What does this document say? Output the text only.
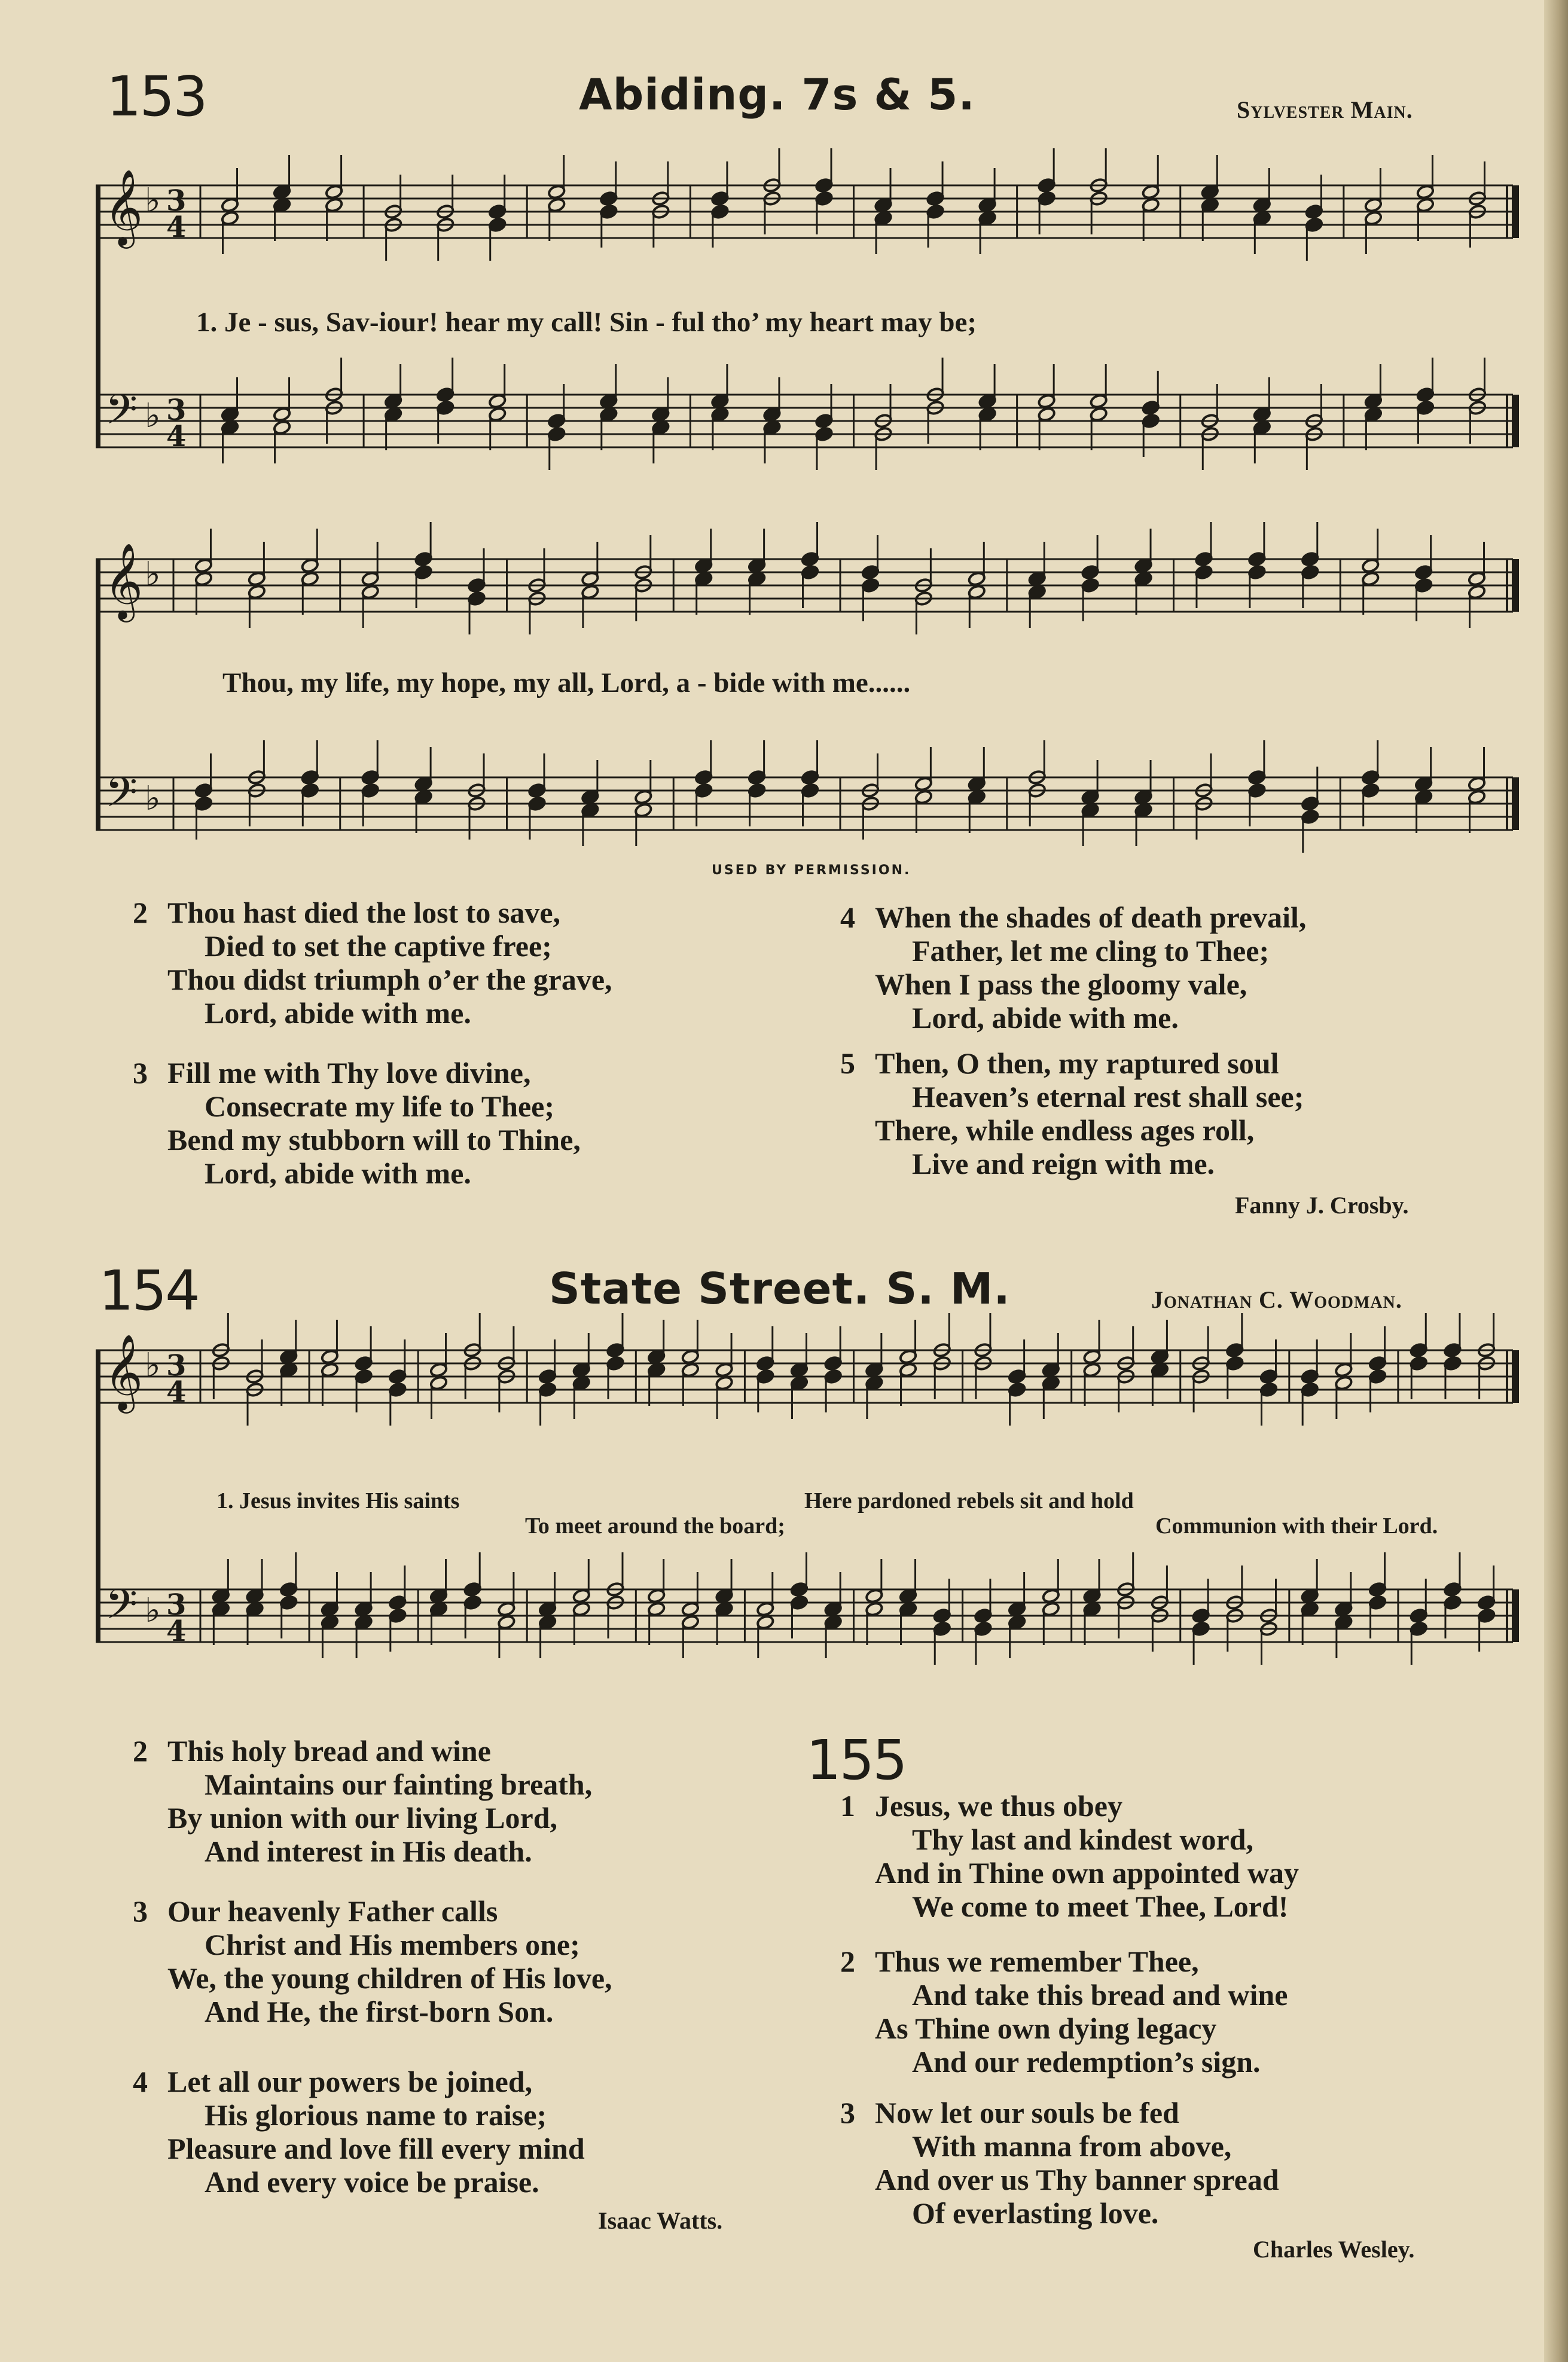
153	Abiding. 7s & 5.	Sylvester Main.
𝄞
𝄢
♭
♭
3
4
3
4
1. Je - sus, Sav-iour! hear my call! Sin - ful tho’ my heart may be;
𝄞
𝄢
♭
♭
Thou, my life, my hope, my all, Lord, a - bide with me......
USED BY PERMISSION.
2 Thou hast died the lost to save,
Died to set the captive free;
Thou didst triumph o’er the grave,
Lord, abide with me.
3 Fill me with Thy love divine,
Consecrate my life to Thee;
Bend my stubborn will to Thine,
Lord, abide with me.
4 When the shades of death prevail,
Father, let me cling to Thee;
When I pass the gloomy vale,
Lord, abide with me.
5 Then, O then, my raptured soul
Heaven’s eternal rest shall see;
There, while endless ages roll,
Live and reign with me.
Fanny J. Crosby.
154	State Street. S. M.	Jonathan C. Woodman.
𝄞
𝄢
♭
♭
3
4
3
4
1. Jesus invites His saints
To meet around the board;
Here pardoned rebels sit and hold
Communion with their Lord.
2 This holy bread and wine
Maintains our fainting breath,
By union with our living Lord,
And interest in His death.
3 Our heavenly Father calls
Christ and His members one;
We, the young children of His love,
And He, the first-born Son.
4 Let all our powers be joined,
His glorious name to raise;
Pleasure and love fill every mind
And every voice be praise.
Isaac Watts.
155
1 Jesus, we thus obey
Thy last and kindest word,
And in Thine own appointed way
We come to meet Thee, Lord!
2 Thus we remember Thee,
And take this bread and wine
As Thine own dying legacy
And our redemption’s sign.
3 Now let our souls be fed
With manna from above,
And over us Thy banner spread
Of everlasting love.
Charles Wesley.
